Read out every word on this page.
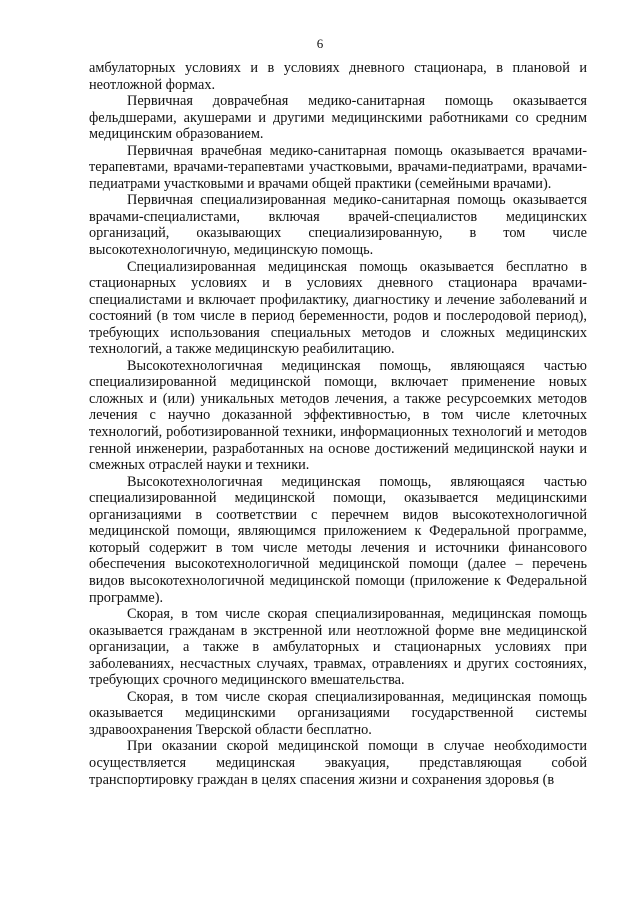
6

амбулаторных условиях и в условиях дневного стационара, в плановой и неотложной формах.

Первичная доврачебная медико-санитарная помощь оказывается фельдшерами, акушерами и другими медицинскими работниками со средним медицинским образованием.

Первичная врачебная медико-санитарная помощь оказывается врачами-терапевтами, врачами-терапевтами участковыми, врачами-педиатрами, врачами-педиатрами участковыми и врачами общей практики (семейными врачами).

Первичная специализированная медико-санитарная помощь оказывается врачами-специалистами, включая врачей-специалистов медицинских организаций, оказывающих специализированную, в том числе высокотехнологичную, медицинскую помощь.

Специализированная медицинская помощь оказывается бесплатно в стационарных условиях и в условиях дневного стационара врачами-специалистами и включает профилактику, диагностику и лечение заболеваний и состояний (в том числе в период беременности, родов и послеродовой период), требующих использования специальных методов и сложных медицинских технологий, а также медицинскую реабилитацию.

Высокотехнологичная медицинская помощь, являющаяся частью специализированной медицинской помощи, включает применение новых сложных и (или) уникальных методов лечения, а также ресурсоемких методов лечения с научно доказанной эффективностью, в том числе клеточных технологий, роботизированной техники, информационных технологий и методов генной инженерии, разработанных на основе достижений медицинской науки и смежных отраслей науки и техники.

Высокотехнологичная медицинская помощь, являющаяся частью специализированной медицинской помощи, оказывается медицинскими организациями в соответствии с перечнем видов высокотехнологичной медицинской помощи, являющимся приложением к Федеральной программе, который содержит в том числе методы лечения и источники финансового обеспечения высокотехнологичной медицинской помощи (далее – перечень видов высокотехнологичной медицинской помощи (приложение к Федеральной программе).

Скорая, в том числе скорая специализированная, медицинская помощь оказывается гражданам в экстренной или неотложной форме вне медицинской организации, а также в амбулаторных и стационарных условиях при заболеваниях, несчастных случаях, травмах, отравлениях и других состояниях, требующих срочного медицинского вмешательства.

Скорая, в том числе скорая специализированная, медицинская помощь оказывается медицинскими организациями государственной системы здравоохранения Тверской области бесплатно.

При оказании скорой медицинской помощи в случае необходимости осуществляется медицинская эвакуация, представляющая собой транспортировку граждан в целях спасения жизни и сохранения здоровья (в
